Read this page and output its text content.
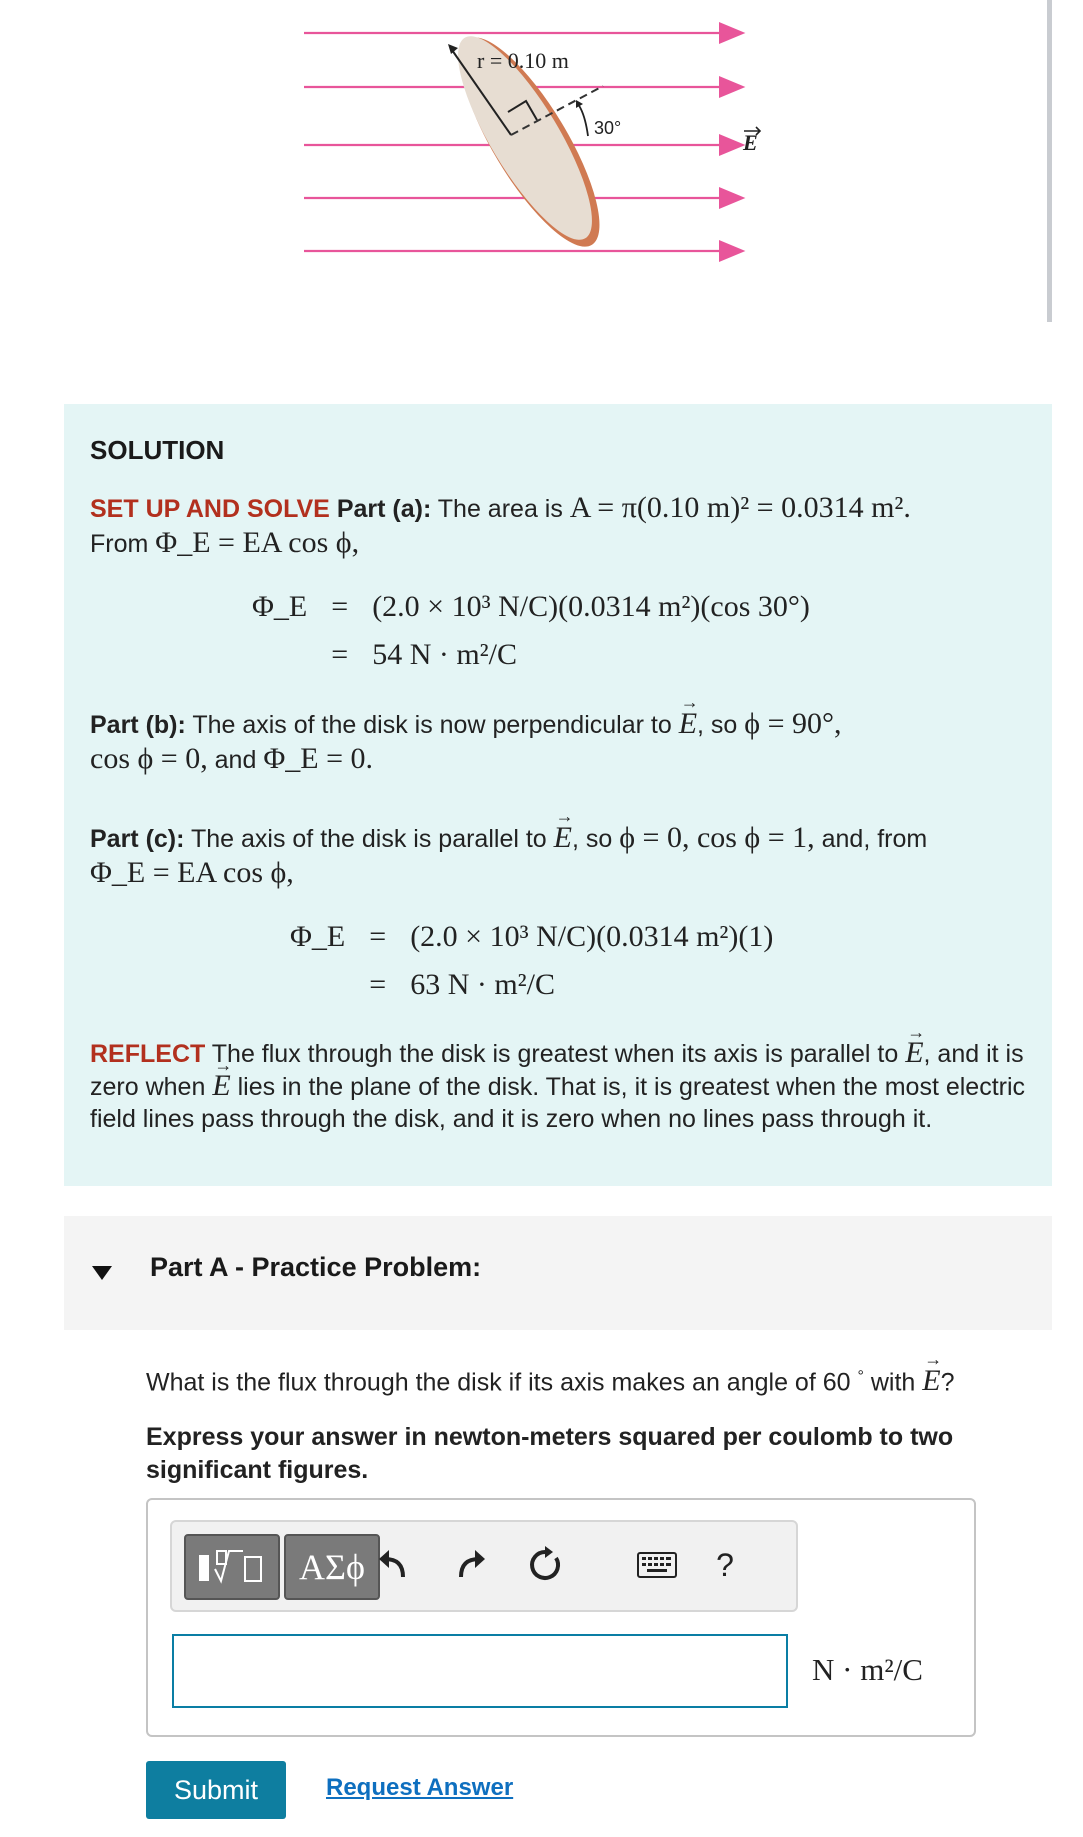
r = 0.10 m
30°
E
SOLUTION
SET UP AND SOLVE Part (a): The area is A = π(0.10 m)² = 0.0314 m².
From Φ_E = EA cos ϕ,
Φ_E	=	(2.0 × 10³ N/C)(0.0314 m²)(cos 30°)
	=	54 N · m²/C
Part (b): The axis of the disk is now perpendicular to → E, so ϕ = 90°,
cos ϕ = 0, and Φ_E = 0.
Part (c): The axis of the disk is parallel to → E, so ϕ = 0, cos ϕ = 1, and, from
Φ_E = EA cos ϕ,
Φ_E	=	(2.0 × 10³ N/C)(0.0314 m²)(1)
	=	63 N · m²/C
REFLECT The flux through the disk is greatest when its axis is parallel to → E, and it is zero when → E lies in the plane of the disk. That is, it is greatest when the most electric field lines pass through the disk, and it is zero when no lines pass through it.
Part A - Practice Problem:

What is the flux through the disk if its axis makes an angle of 60 ° with → E?

Express your answer in newton-meters squared per coulomb to two significant figures.

ΑΣϕ	?
N · m²/C
Submit	Request Answer
